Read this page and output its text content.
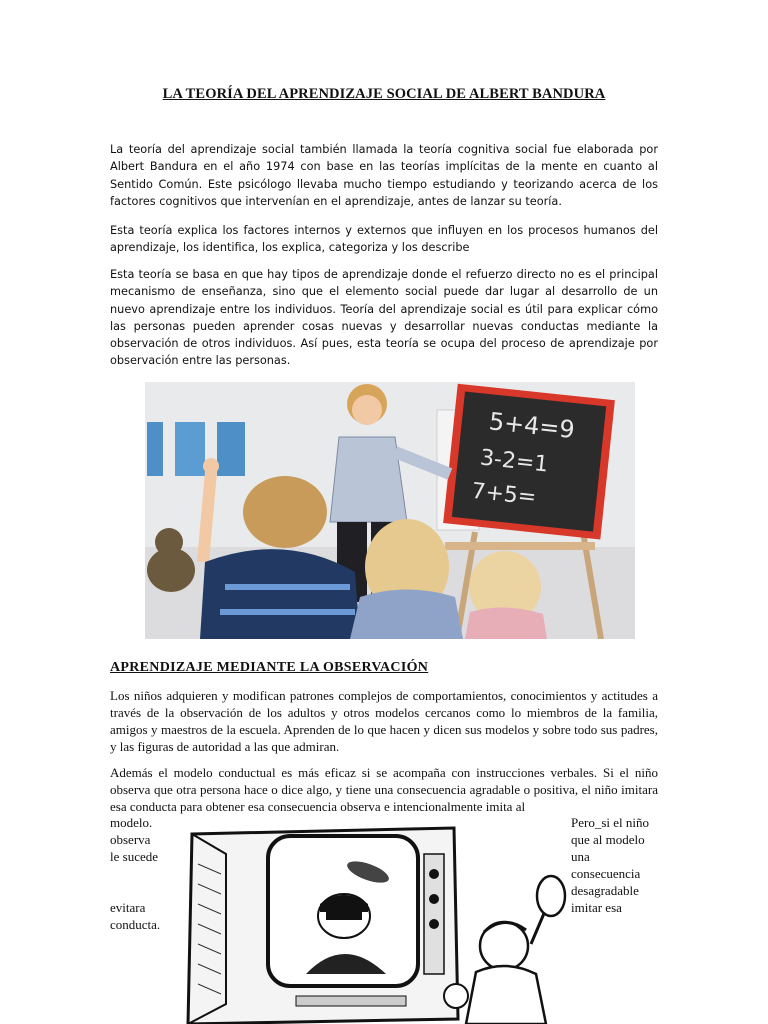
LA TEORÍA DEL APRENDIZAJE SOCIAL DE ALBERT BANDURA

La teoría del aprendizaje social también llamada la teoría cognitiva social fue elaborada por Albert Bandura en el año 1974 con base en las teorías implícitas de la mente en cuanto al Sentido Común. Este psicólogo llevaba mucho tiempo estudiando y teorizando acerca de los factores cognitivos que intervenían en el aprendizaje, antes de lanzar su teoría.

Esta teoría explica los factores internos y externos que influyen en los procesos humanos del aprendizaje, los identifica, los explica, categoriza y los describe

Esta teoría se basa en que hay tipos de aprendizaje donde el refuerzo directo no es el principal mecanismo de enseñanza, sino que el elemento social puede dar lugar al desarrollo de un nuevo aprendizaje entre los individuos. Teoría del aprendizaje social es útil para explicar cómo las personas pueden aprender cosas nuevas y desarrollar nuevas conductas mediante la observación de otros individuos. Así pues, esta teoría se ocupa del proceso de aprendizaje por observación entre las personas.

5+4=9
3-2=1
7+5=
APRENDIZAJE MEDIANTE LA OBSERVACIÓN

Los niños adquieren y modifican patrones complejos de comportamientos, conocimientos y actitudes a través de la observación de los adultos y otros modelos cercanos como lo miembros de la familia, amigos y maestros de la escuela. Aprenden de lo que hacen y dicen sus modelos y sobre todo sus padres, y las figuras de autoridad a las que admiran.

Además el modelo conductual es más eficaz si se acompaña con instrucciones verbales. Si el niño observa que otra persona hace o dice algo, y tiene una consecuencia agradable o positiva, el niño imitara esa conducta para obtener esa consecuencia observa e intencionalmente imita al

modelo.
observa
le sucede
evitara
conducta.
Pero_si el niño
que al modelo
una
consecuencia
desagradable
imitar esa
